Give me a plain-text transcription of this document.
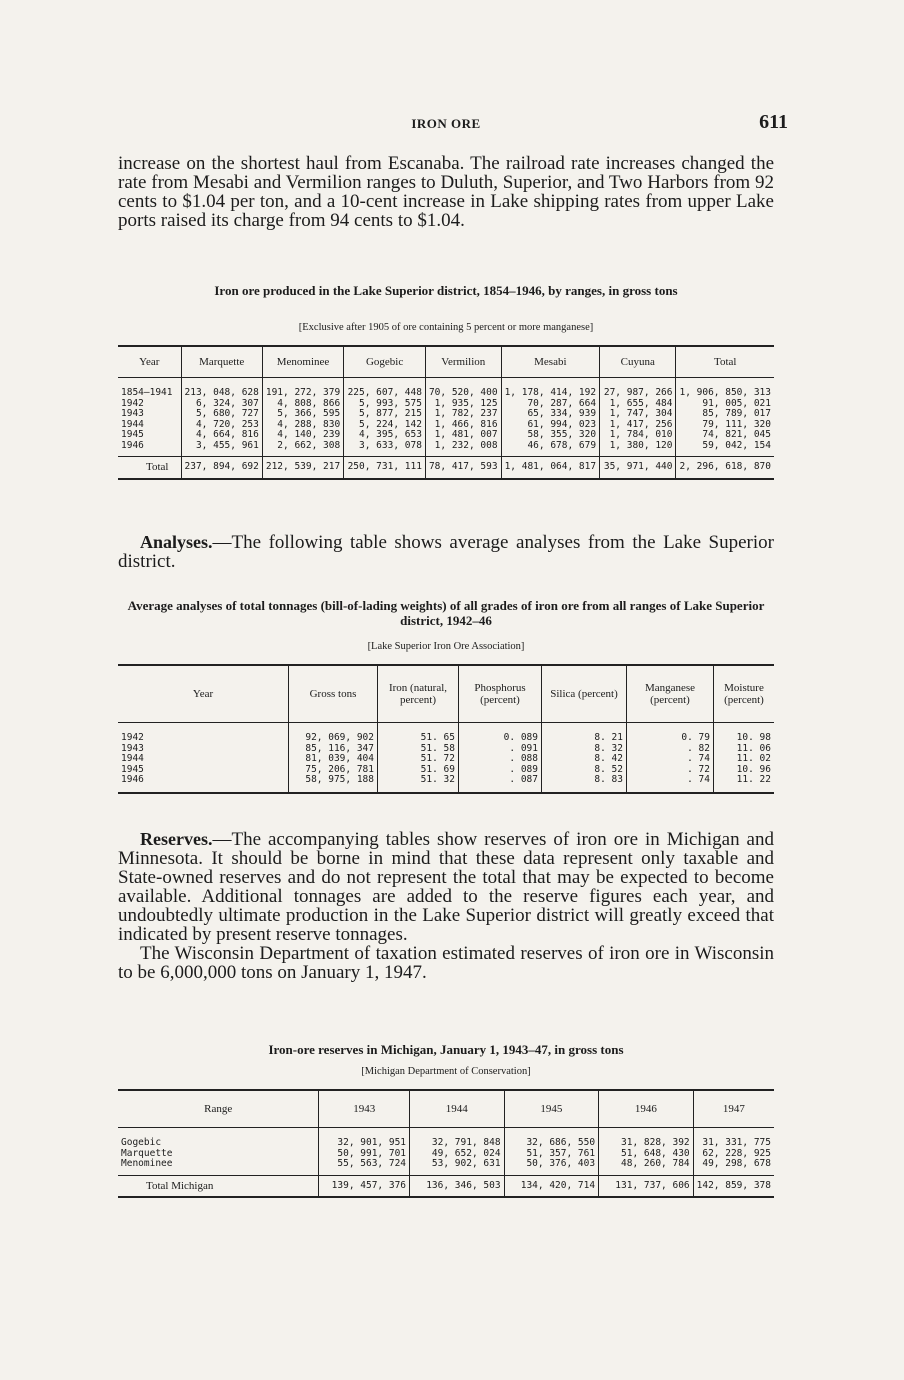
IRON ORE	611

increase on the shortest haul from Escanaba. The railroad rate increases changed the rate from Mesabi and Vermilion ranges to Duluth, Superior, and Two Harbors from 92 cents to $1.04 per ton, and a 10-cent increase in Lake shipping rates from upper Lake ports raised its charge from 94 cents to $1.04.

Iron ore produced in the Lake Superior district, 1854–1946, by ranges, in gross tons
[Exclusive after 1905 of ore containing 5 percent or more manganese]
Year	Marquette	Menominee	Gogebic	Vermilion	Mesabi	Cuyuna	Total
1854–1941	213, 048, 628	191, 272, 379	225, 607, 448	70, 520, 400	1, 178, 414, 192	27, 987, 266	1, 906, 850, 313
1942	6, 324, 307	4, 808, 866	5, 993, 575	1, 935, 125	70, 287, 664	1, 655, 484	91, 005, 021
1943	5, 680, 727	5, 366, 595	5, 877, 215	1, 782, 237	65, 334, 939	1, 747, 304	85, 789, 017
1944	4, 720, 253	4, 288, 830	5, 224, 142	1, 466, 816	61, 994, 023	1, 417, 256	79, 111, 320
1945	4, 664, 816	4, 140, 239	4, 395, 653	1, 481, 007	58, 355, 320	1, 784, 010	74, 821, 045
1946	3, 455, 961	2, 662, 308	3, 633, 078	1, 232, 008	46, 678, 679	1, 380, 120	59, 042, 154
Total	237, 894, 692	212, 539, 217	250, 731, 111	78, 417, 593	1, 481, 064, 817	35, 971, 440	2, 296, 618, 870

Analyses.—The following table shows average analyses from the Lake Superior district.

Average analyses of total tonnages (bill-of-lading weights) of all grades of iron ore from all ranges of Lake Superior district, 1942–46
[Lake Superior Iron Ore Association]
Year	Gross tons	Iron (natural, percent)	Phosphorus (percent)	Silica (percent)	Manganese (percent)	Moisture (percent)
1942	92, 069, 902	51. 65	0. 089	8. 21	0. 79	10. 98
1943	85, 116, 347	51. 58	. 091	8. 32	. 82	11. 06
1944	81, 039, 404	51. 72	. 088	8. 42	. 74	11. 02
1945	75, 206, 781	51. 69	. 089	8. 52	. 72	10. 96
1946	58, 975, 188	51. 32	. 087	8. 83	. 74	11. 22

Reserves.—The accompanying tables show reserves of iron ore in Michigan and Minnesota. It should be borne in mind that these data represent only taxable and State-owned reserves and do not represent the total that may be expected to become available. Additional tonnages are added to the reserve figures each year, and undoubtedly ultimate production in the Lake Superior district will greatly exceed that indicated by present reserve tonnages.

The Wisconsin Department of taxation estimated reserves of iron ore in Wisconsin to be 6,000,000 tons on January 1, 1947.

Iron-ore reserves in Michigan, January 1, 1943–47, in gross tons
[Michigan Department of Conservation]
Range	1943	1944	1945	1946	1947
Gogebic	32, 901, 951	32, 791, 848	32, 686, 550	31, 828, 392	31, 331, 775
Marquette	50, 991, 701	49, 652, 024	51, 357, 761	51, 648, 430	62, 228, 925
Menominee	55, 563, 724	53, 902, 631	50, 376, 403	48, 260, 784	49, 298, 678
Total Michigan	139, 457, 376	136, 346, 503	134, 420, 714	131, 737, 606	142, 859, 378
